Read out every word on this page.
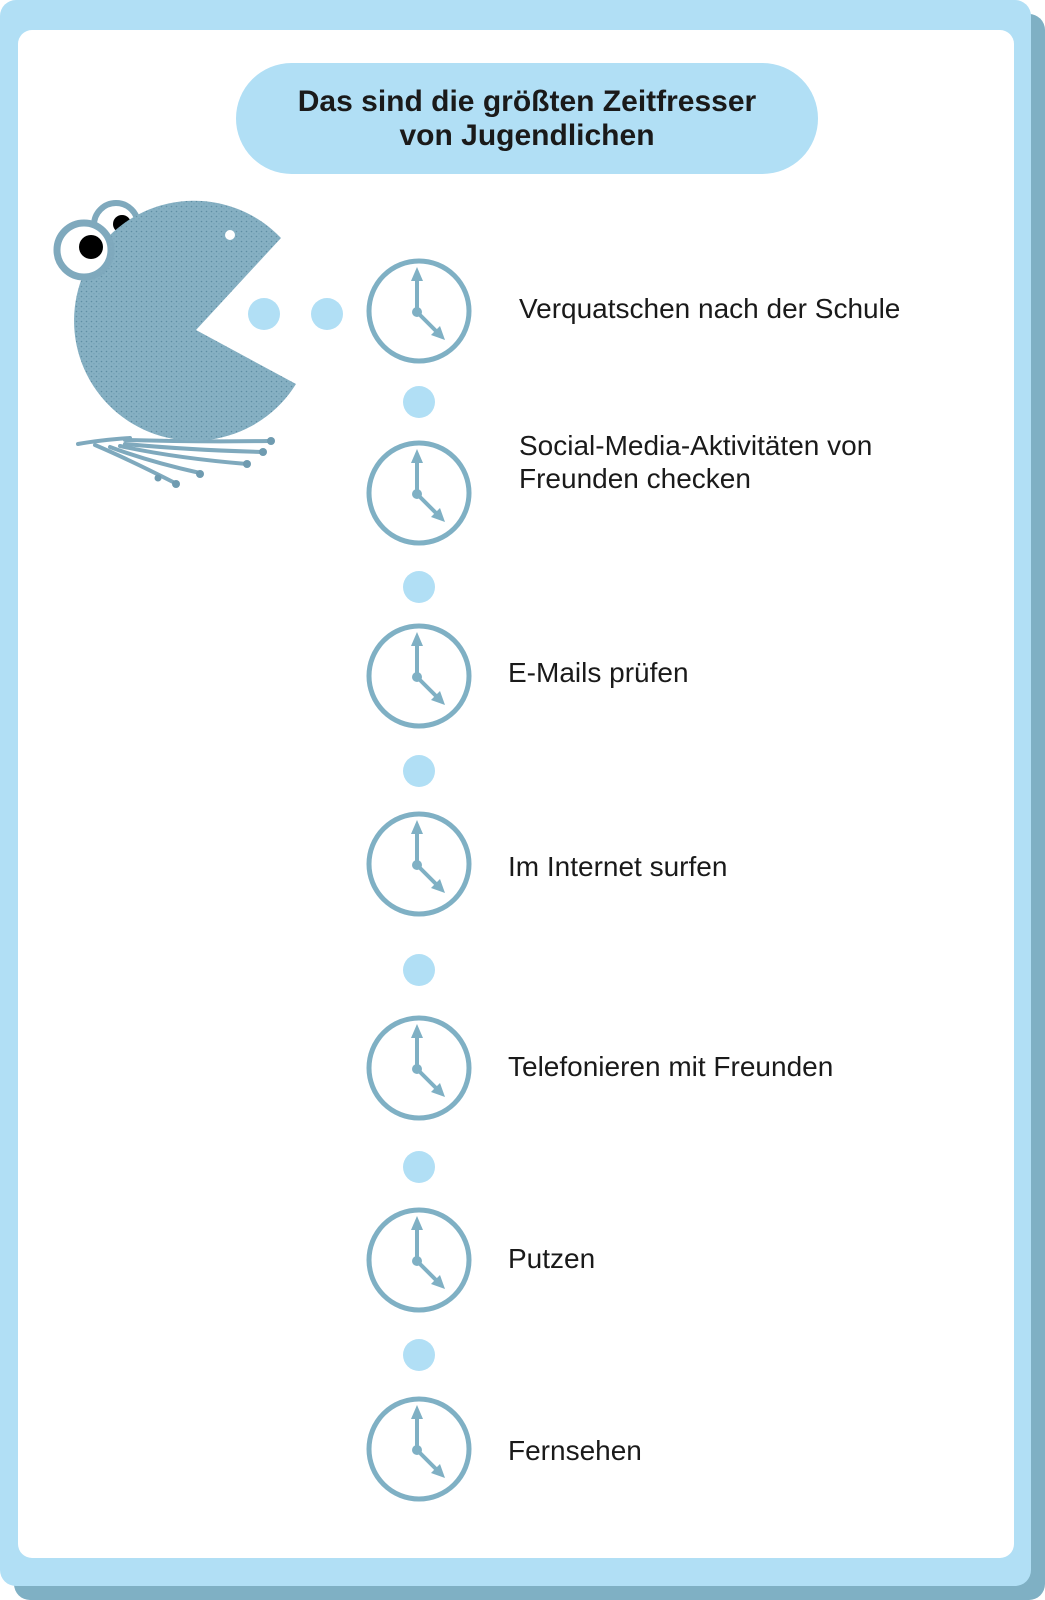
Das sind die größten Zeitfresser
von Jugendlichen
Verquatschen nach der Schule
Social-Media-Aktivitäten von
Freunden checken
E-Mails prüfen
Im Internet surfen
Telefonieren mit Freunden
Putzen
Fernsehen
